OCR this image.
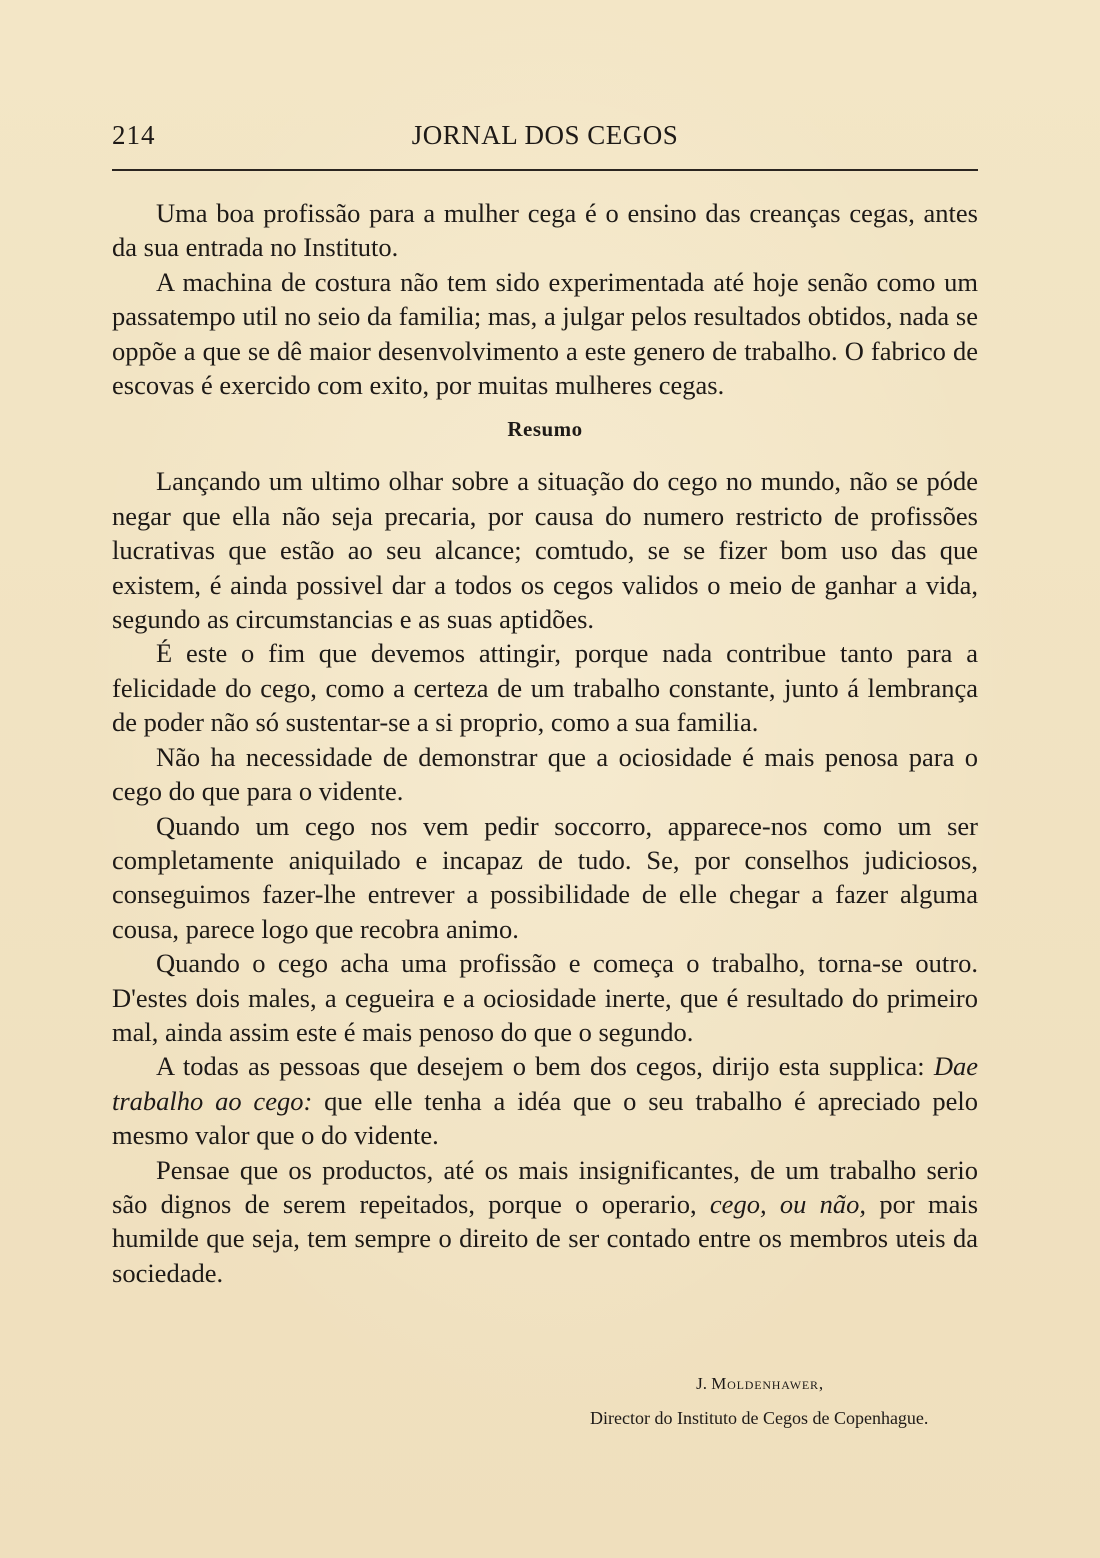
214	JORNAL DOS CEGOS

Uma boa profissão para a mulher cega é o ensino das creanças cegas, antes da sua entrada no Instituto.

A machina de costura não tem sido experimentada até hoje senão como um passatempo util no seio da familia; mas, a julgar pelos resultados obtidos, nada se oppõe a que se dê maior desenvolvimento a este genero de trabalho. O fabrico de escovas é exercido com exito, por muitas mulheres cegas.

Resumo

Lançando um ultimo olhar sobre a situação do cego no mundo, não se póde negar que ella não seja precaria, por causa do numero restricto de profissões lucrativas que estão ao seu alcance; comtudo, se se fizer bom uso das que existem, é ainda possivel dar a todos os cegos validos o meio de ganhar a vida, segundo as circumstancias e as suas aptidões.

É este o fim que devemos attingir, porque nada contribue tanto para a felicidade do cego, como a certeza de um trabalho constante, junto á lembrança de poder não só sustentar-se a si proprio, como a sua familia.

Não ha necessidade de demonstrar que a ociosidade é mais penosa para o cego do que para o vidente.

Quando um cego nos vem pedir soccorro, apparece-nos como um ser completamente aniquilado e incapaz de tudo. Se, por conselhos judiciosos, conseguimos fazer-lhe entrever a possibilidade de elle chegar a fazer alguma cousa, parece logo que recobra animo.

Quando o cego acha uma profissão e começa o trabalho, torna-se outro. D'estes dois males, a cegueira e a ociosidade inerte, que é resultado do primeiro mal, ainda assim este é mais penoso do que o segundo.

A todas as pessoas que desejem o bem dos cegos, dirijo esta supplica: Dae trabalho ao cego: que elle tenha a idéa que o seu trabalho é apreciado pelo mesmo valor que o do vidente.

Pensae que os productos, até os mais insignificantes, de um trabalho serio são dignos de serem repeitados, porque o operario, cego, ou não, por mais humilde que seja, tem sempre o direito de ser contado entre os membros uteis da sociedade.

J. Moldenhawer,
Director do Instituto de Cegos de Copenhague.
